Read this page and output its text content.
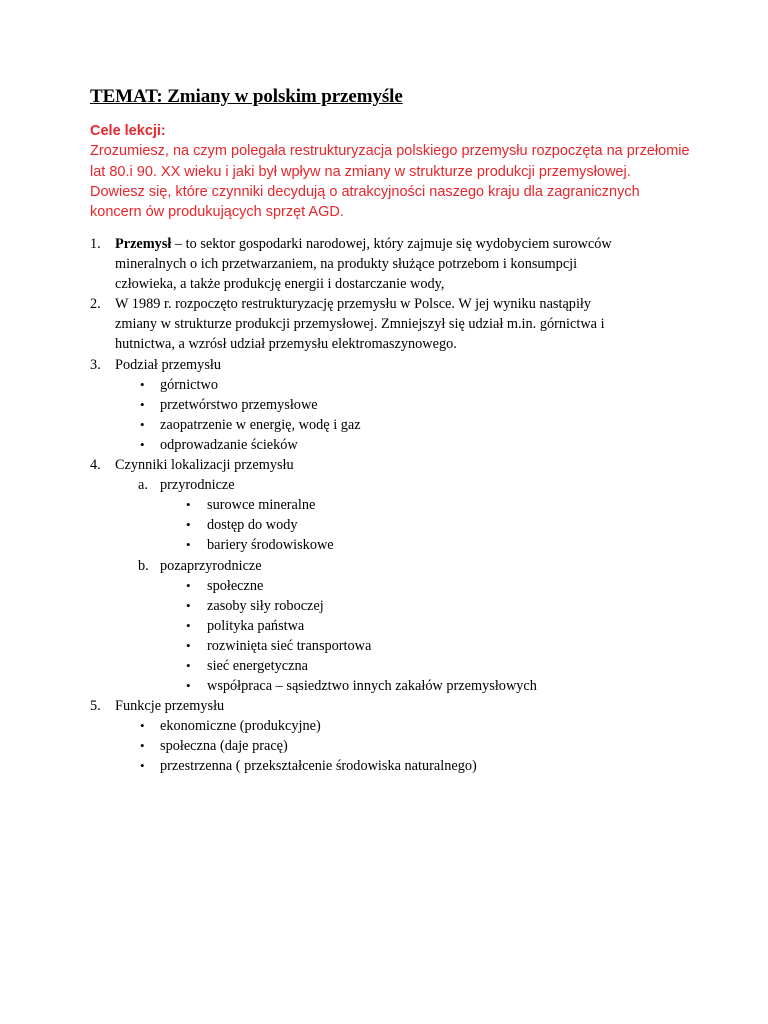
TEMAT: Zmiany w polskim przemyśle
Cele lekcji:
Zrozumiesz, na czym polegała restrukturyzacja polskiego przemysłu rozpoczęta na przełomie
lat 80.i 90. XX wieku i jaki był wpływ na zmiany w strukturze produkcji przemysłowej.
Dowiesz się, które czynniki decydują o atrakcyjności naszego kraju dla zagranicznych
koncern ów produkujących sprzęt AGD.
1. Przemysł – to sektor gospodarki narodowej, który zajmuje się wydobyciem surowców
mineralnych o ich przetwarzaniem, na produkty służące potrzebom i konsumpcji
człowieka, a także produkcję energii i dostarczanie wody,
2. W 1989 r. rozpoczęto restrukturyzację przemysłu w Polsce. W jej wyniku nastąpiły
zmiany w strukturze produkcji przemysłowej. Zmniejszył się udział m.in. górnictwa i
hutnictwa, a wzrósł udział przemysłu elektromaszynowego.
3. Podział przemysłu
• górnictwo
• przetwórstwo przemysłowe
• zaopatrzenie w energię, wodę i gaz
• odprowadzanie ścieków
4. Czynniki lokalizacji przemysłu
a. przyrodnicze
• surowce mineralne
• dostęp do wody
• bariery środowiskowe
b. pozaprzyrodnicze
• społeczne
• zasoby siły roboczej
• polityka państwa
• rozwinięta sieć transportowa
• sieć energetyczna
• współpraca – sąsiedztwo innych zakałów przemysłowych
5. Funkcje przemysłu
• ekonomiczne (produkcyjne)
• społeczna (daje pracę)
• przestrzenna ( przekształcenie środowiska naturalnego)
